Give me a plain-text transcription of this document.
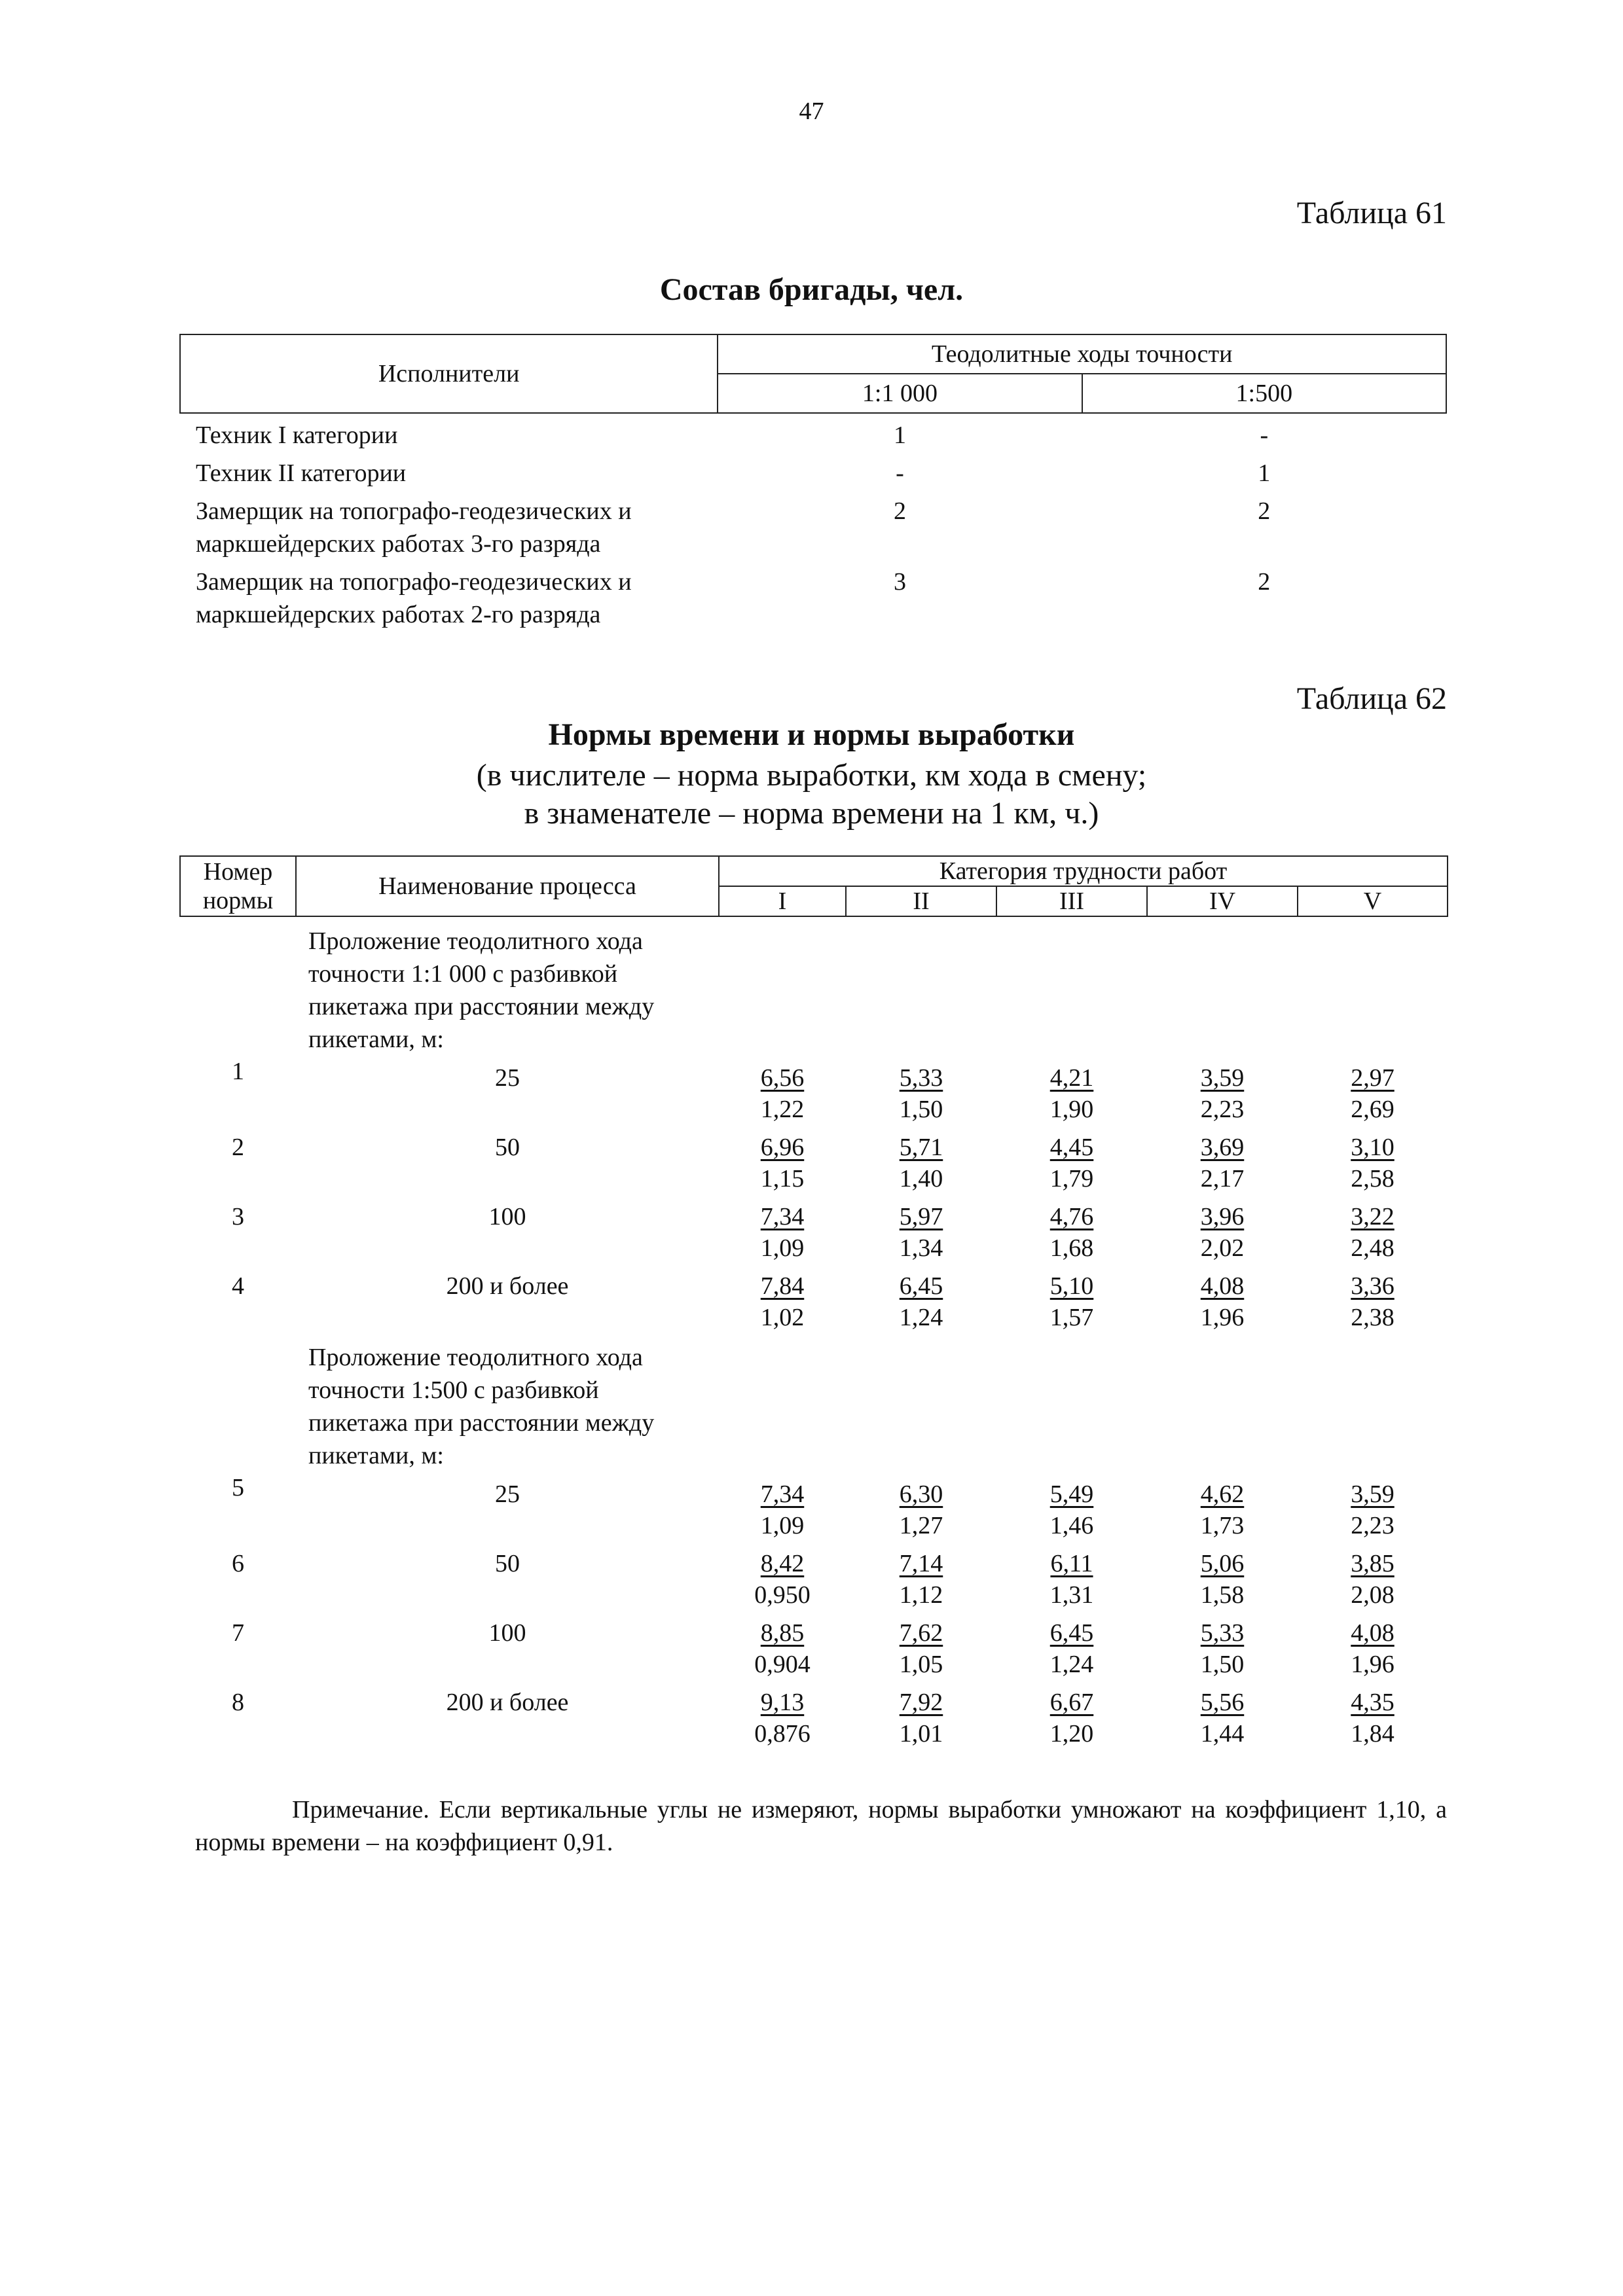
47
Таблица 61
Состав бригады, чел.
Исполнители	Теодолитные ходы точности	
	1:1 000	1:500
Техник I категории	1	-
Техник II категории	-	1
Замерщик на топографо-геодезических и маркшейдерских работах 3-го разряда	2	2
Замерщик на топографо-геодезических и маркшейдерских работах 2-го разряда	3	2
Таблица 62
Нормы времени и нормы выработки
(в числителе – норма выработки, км хода в смену;
в знаменателе – норма времени на 1 км, ч.)
Номер
нормы	Наименование процесса	Категория трудности работ				
		I	II	III	IV	V

Проложение теодолитного хода точности 1:1 000 с разбивкой пикетажа при расстоянии между пикетами, м:						

1	25	$\frac{6,56}{1,22}$	$\frac{5,33}{1,50}$	$\frac{4,21}{1,90}$	$\frac{3,59}{2,23}$	$\frac{2,97}{2,69}$

2	50	$\frac{6,96}{1,15}$	$\frac{5,71}{1,40}$	$\frac{4,45}{1,79}$	$\frac{3,69}{2,17}$	$\frac{3,10}{2,58}$

3	100	$\frac{7,34}{1,09}$	$\frac{5,97}{1,34}$	$\frac{4,76}{1,68}$	$\frac{3,96}{2,02}$	$\frac{3,22}{2,48}$

4	200 и более	$\frac{7,84}{1,02}$	$\frac{6,45}{1,24}$	$\frac{5,10}{1,57}$	$\frac{4,08}{1,96}$	$\frac{3,36}{2,38}$

Проложение теодолитного хода точности 1:500 с разбивкой пикетажа при расстоянии между пикетами, м:						

5	25	$\frac{7,34}{1,09}$	$\frac{6,30}{1,27}$	$\frac{5,49}{1,46}$	$\frac{4,62}{1,73}$	$\frac{3,59}{2,23}$

6	50	$\frac{8,42}{0,950}$	$\frac{7,14}{1,12}$	$\frac{6,11}{1,31}$	$\frac{5,06}{1,58}$	$\frac{3,85}{2,08}$

7	100	$\frac{8,85}{0,904}$	$\frac{7,62}{1,05}$	$\frac{6,45}{1,24}$	$\frac{5,33}{1,50}$	$\frac{4,08}{1,96}$

8	200 и более	$\frac{9,13}{0,876}$	$\frac{7,92}{1,01}$	$\frac{6,67}{1,20}$	$\frac{5,56}{1,44}$	$\frac{4,35}{1,84}$
Примечание. Если вертикальные углы не измеряют, нормы выработки умножают на коэффициент 1,10, а нормы времени – на коэффициент 0,91.
